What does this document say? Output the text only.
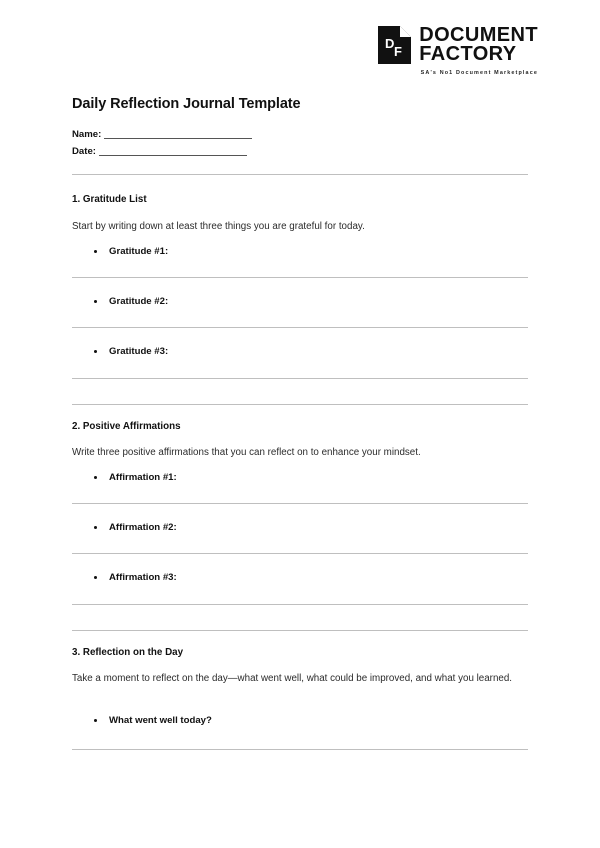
D
F
DOCUMENT
FACTORY
SA's No1 Document Marketplace
Daily Reflection Journal Template
Name:
Date:
1. Gratitude List

Start by writing down at least three things you are grateful for today.

Gratitude #1:
Gratitude #2:
Gratitude #3:
2. Positive Affirmations

Write three positive affirmations that you can reflect on to enhance your mindset.

Affirmation #1:
Affirmation #2:
Affirmation #3:
3. Reflection on the Day

Take a moment to reflect on the day—what went well, what could be improved, and what you learned.

What went well today?
